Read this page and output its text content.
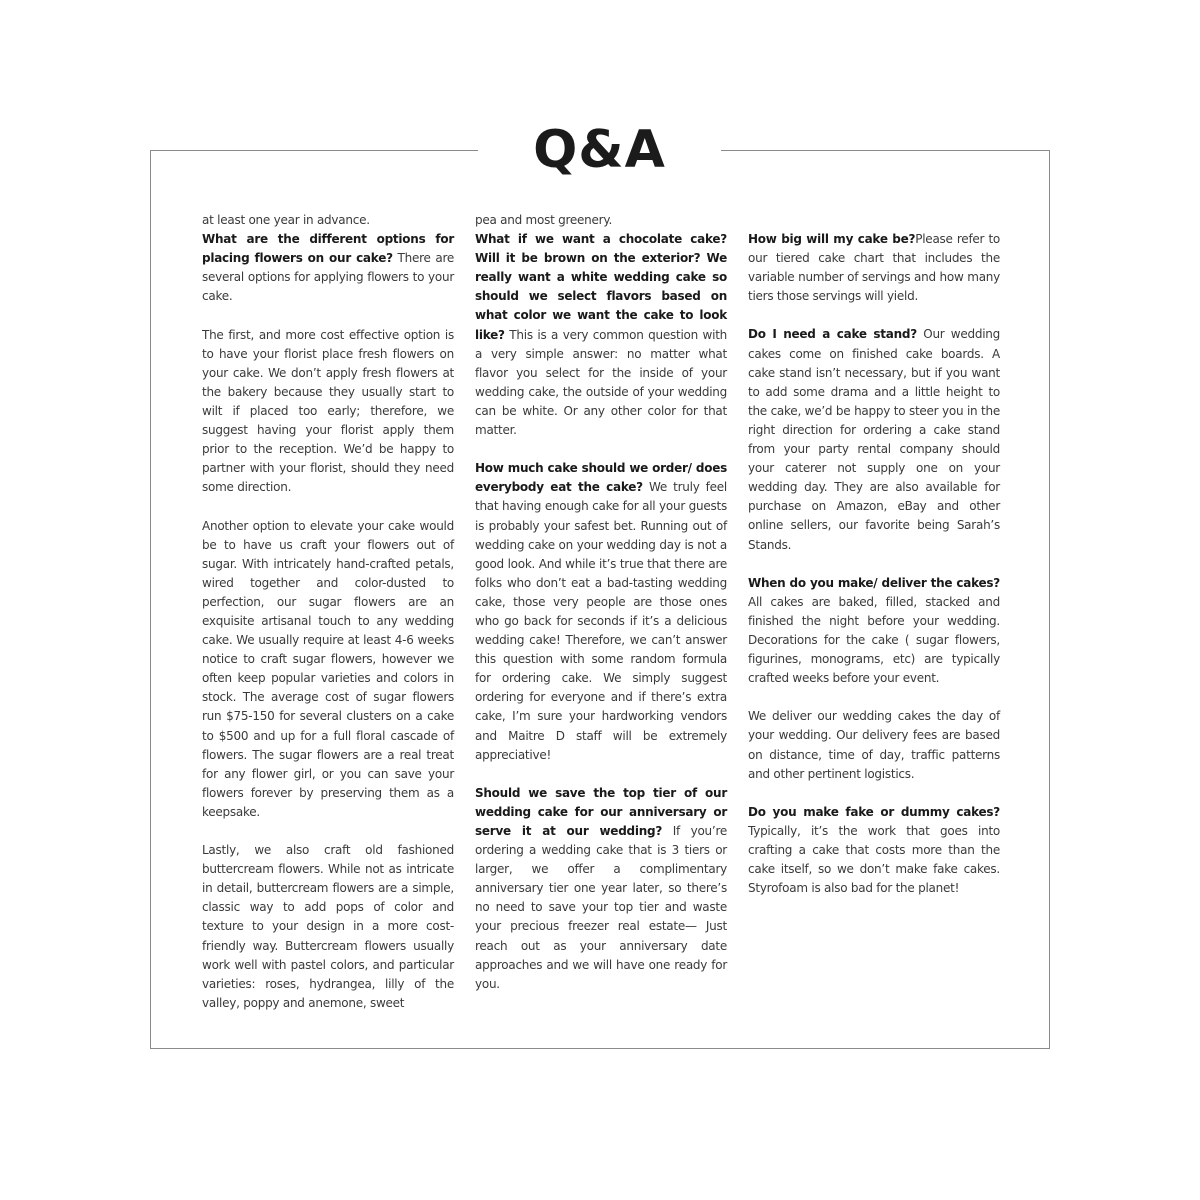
Q&A

at least one year in advance.

What are the different options for placing flowers on our cake? There are several options for applying flowers to your cake.

The first, and more cost effective option is to have your florist place fresh flowers on your cake. We don’t apply fresh flowers at the bakery because they usually start to wilt if placed too early; therefore, we suggest having your florist apply them prior to the reception. We’d be happy to partner with your florist, should they need some direction.

Another option to elevate your cake would be to have us craft your flowers out of sugar. With intricately hand-crafted petals, wired together and color-dusted to perfection, our sugar flowers are an exquisite artisanal touch to any wedding cake. We usually require at least 4-6 weeks notice to craft sugar flowers, however we often keep popular varieties and colors in stock. The average cost of sugar flowers run $75-150 for several clusters on a cake to $500 and up for a full floral cascade of flowers. The sugar flowers are a real treat for any flower girl, or you can save your flowers forever by preserving them as a keepsake.

Lastly, we also craft old fashioned buttercream flowers. While not as intricate in detail, buttercream flowers are a simple, classic way to add pops of color and texture to your design in a more cost-friendly way. Buttercream flowers usually work well with pastel colors, and particular varieties: roses, hydrangea, lilly of the valley, poppy and anemone, sweet

pea and most greenery.

What if we want a chocolate cake? Will it be brown on the exterior? We really want a white wedding cake so should we select flavors based on what color we want the cake to look like? This is a very common question with a very simple answer: no matter what flavor you select for the inside of your wedding cake, the outside of your wedding can be white. Or any other color for that matter.

How much cake should we order/ does everybody eat the cake? We truly feel that having enough cake for all your guests is probably your safest bet. Running out of wedding cake on your wedding day is not a good look. And while it’s true that there are folks who don’t eat a bad-tasting wedding cake, those very people are those ones who go back for seconds if it’s a delicious wedding cake! Therefore, we can’t answer this question with some random formula for ordering cake. We simply suggest ordering for everyone and if there’s extra cake, I’m sure your hardworking vendors and Maitre D staff will be extremely appreciative!

Should we save the top tier of our wedding cake for our anniversary or serve it at our wedding? If you’re ordering a wedding cake that is 3 tiers or larger, we offer a complimentary anniversary tier one year later, so there’s no need to save your top tier and waste your precious freezer real estate— Just reach out as your anniversary date approaches and we will have one ready for you.

How big will my cake be?Please refer to our tiered cake chart that includes the variable number of servings and how many tiers those servings will yield.

Do I need a cake stand? Our wedding cakes come on finished cake boards. A cake stand isn’t necessary, but if you want to add some drama and a little height to the cake, we’d be happy to steer you in the right direction for ordering a cake stand from your party rental company should your caterer not supply one on your wedding day. They are also available for purchase on Amazon, eBay and other online sellers, our favorite being Sarah’s Stands.

When do you make/ deliver the cakes? All cakes are baked, filled, stacked and finished the night before your wedding. Decorations for the cake ( sugar flowers, figurines, monograms, etc) are typically crafted weeks before your event.

We deliver our wedding cakes the day of your wedding. Our delivery fees are based on distance, time of day, traffic patterns and other pertinent logistics.

Do you make fake or dummy cakes? Typically, it’s the work that goes into crafting a cake that costs more than the cake itself, so we don’t make fake cakes. Styrofoam is also bad for the planet!
